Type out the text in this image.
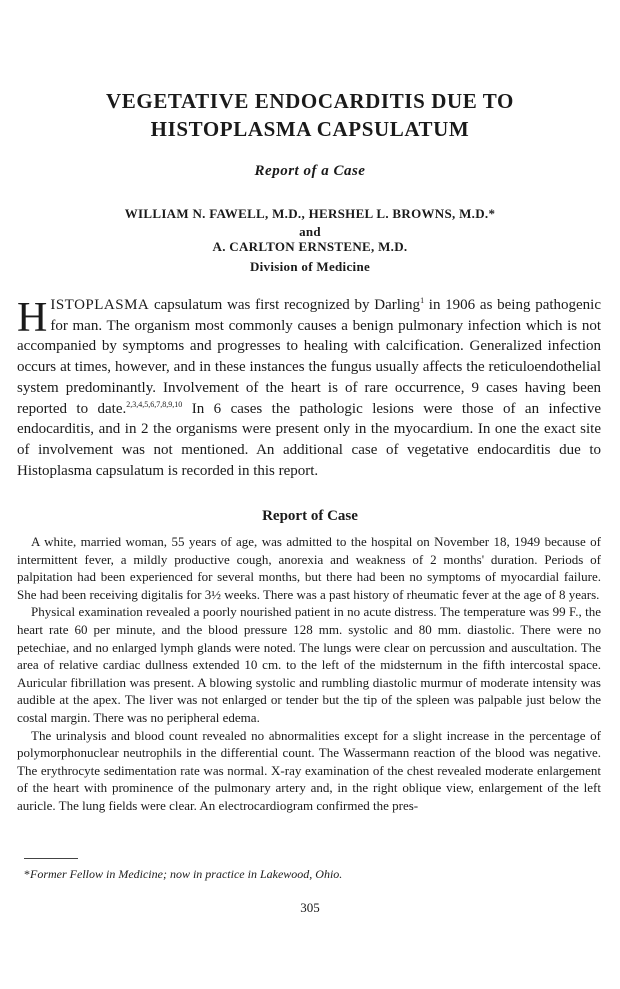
VEGETATIVE ENDOCARDITIS DUE TO
HISTOPLASMA CAPSULATUM
Report of a Case
WILLIAM N. FAWELL, M.D., HERSHEL L. BROWNS, M.D.*
and
A. CARLTON ERNSTENE, M.D.
Division of Medicine

HISTOPLASMA capsulatum was first recognized by Darling$^1$ in 1906 as being pathogenic for man. The organism most commonly causes a benign pulmonary infection which is not accompanied by symptoms and progresses to healing with calcification. Generalized infection occurs at times, however, and in these instances the fungus usually affects the reticuloendothelial system predominantly. Involvement of the heart is of rare occurrence, 9 cases having been reported to date.$^{2,3,4,5,6,7,8,9,10}$ In 6 cases the pathologic lesions were those of an infective endocarditis, and in 2 the organisms were present only in the myocardium. In one the exact site of involvement was not mentioned. An additional case of vegetative endocarditis due to Histoplasma capsulatum is recorded in this report.

Report of Case

A white, married woman, 55 years of age, was admitted to the hospital on November 18, 1949 because of intermittent fever, a mildly productive cough, anorexia and weakness of 2 months' duration. Periods of palpitation had been experienced for several months, but there had been no symptoms of myocardial failure. She had been receiving digitalis for 3½ weeks. There was a past history of rheumatic fever at the age of 8 years.

Physical examination revealed a poorly nourished patient in no acute distress. The temperature was 99 F., the heart rate 60 per minute, and the blood pressure 128 mm. systolic and 80 mm. diastolic. There were no petechiae, and no enlarged lymph glands were noted. The lungs were clear on percussion and auscultation. The area of relative cardiac dullness extended 10 cm. to the left of the midsternum in the fifth intercostal space. Auricular fibrillation was present. A blowing systolic and rumbling diastolic murmur of moderate intensity was audible at the apex. The liver was not enlarged or tender but the tip of the spleen was palpable just below the costal margin. There was no peripheral edema.

The urinalysis and blood count revealed no abnormalities except for a slight increase in the percentage of polymorphonuclear neutrophils in the differential count. The Wassermann reaction of the blood was negative. The erythrocyte sedimentation rate was normal. X-ray examination of the chest revealed moderate enlargement of the heart with prominence of the pulmonary artery and, in the right oblique view, enlargement of the left auricle. The lung fields were clear. An electrocardiogram confirmed the pres-

*Former Fellow in Medicine; now in practice in Lakewood, Ohio.

305
